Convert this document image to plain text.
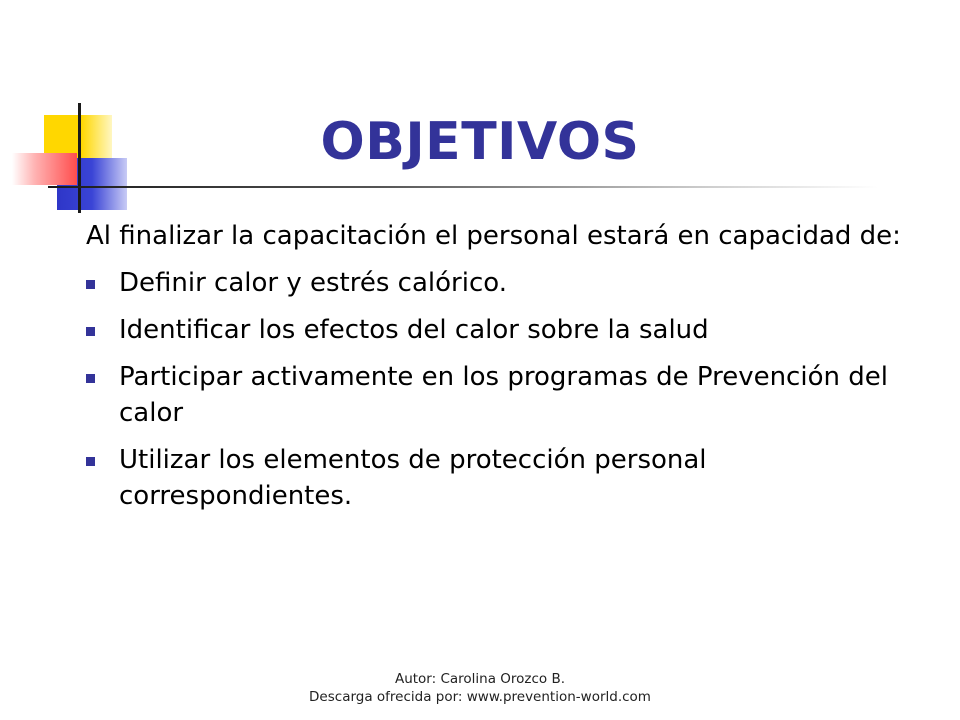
OBJETIVOS

Al finalizar la capacitación el personal estará en capacidad de:

Definir calor y estrés calórico.
Identificar los efectos del calor sobre la salud
Participar activamente en los programas de Prevención del calor
Utilizar los elementos de protección personal correspondientes.
Autor: Carolina Orozco B.
Descarga ofrecida por: www.prevention-world.com
